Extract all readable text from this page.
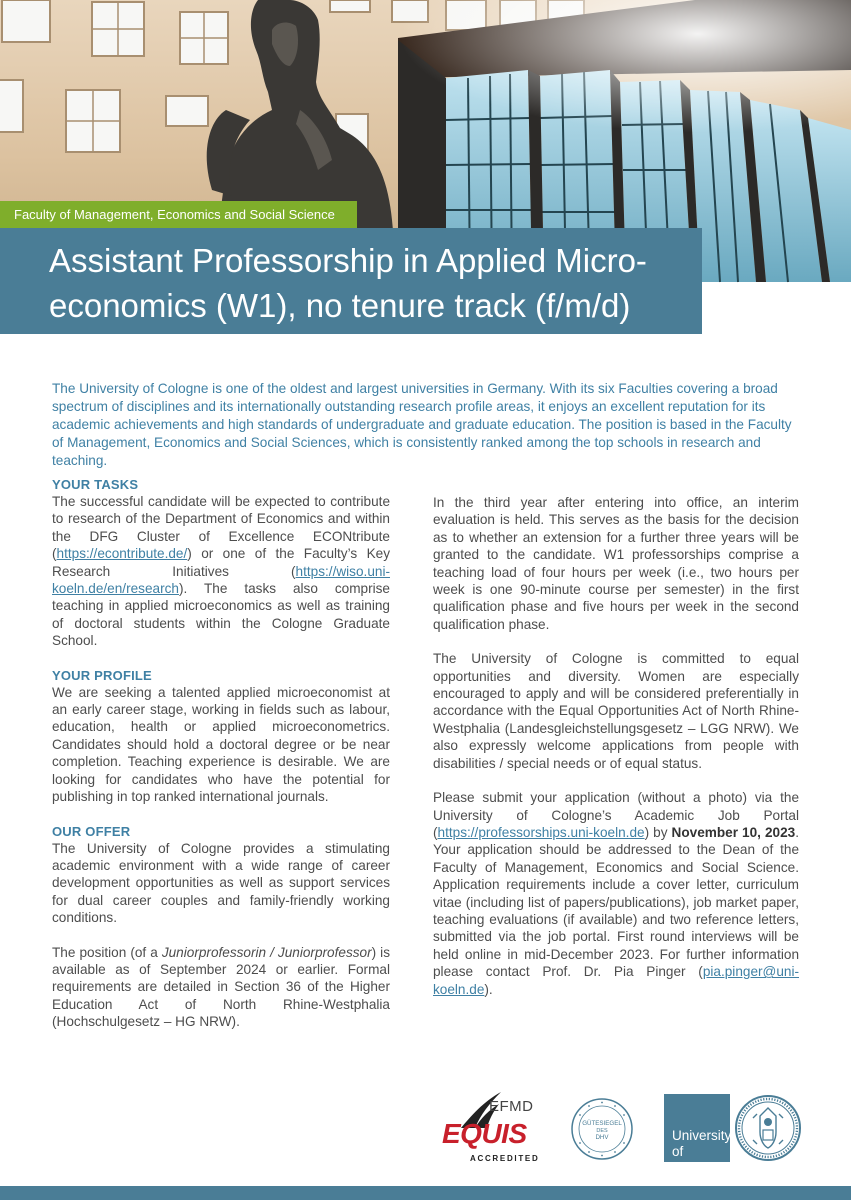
Faculty of Management, Economics and Social Science
Assistant Professorship in Applied Micro-
economics (W1), no tenure track (f/m/d)

The University of Cologne is one of the oldest and largest universities in Germany. With its six Faculties covering a broad spectrum of disciplines and its internationally outstanding research profile areas, it enjoys an excellent reputation for its academic achievements and high standards of undergraduate and graduate education. The position is based in the Faculty of Management, Economics and Social Sciences, which is consistently ranked among the top schools in research and teaching.

YOUR TASKS

The successful candidate will be expected to contribute to research of the Department of Economics and within the DFG Cluster of Excellence ECONtribute (https://econtribute.de/) or one of the Faculty’s Key Research Initiatives (https://wiso.uni-koeln.de/en/research). The tasks also comprise teaching in applied microeconomics as well as training of doctoral students within the Cologne Graduate School.

YOUR PROFILE

We are seeking a talented applied microeconomist at an early career stage, working in fields such as labour, education, health or applied microeconometrics. Candidates should hold a doctoral degree or be near completion. Teaching experience is desirable. We are looking for candidates who have the potential for publishing in top ranked international journals.

OUR OFFER

The University of Cologne provides a stimulating academic environment with a wide range of career development opportunities as well as support services for dual career couples and family-friendly working conditions.

The position (of a Juniorprofessorin / Juniorprofessor) is available as of September 2024 or earlier. Formal requirements are detailed in Section 36 of the Higher Education Act of North Rhine-Westphalia (Hochschulgesetz – HG NRW).

In the third year after entering into office, an interim evaluation is held. This serves as the basis for the decision as to whether an extension for a further three years will be granted to the candidate. W1 professorships comprise a teaching load of four hours per week (i.e., two hours per week is one 90-minute course per semester) in the first qualification phase and five hours per week in the second qualification phase.

The University of Cologne is committed to equal opportunities and diversity. Women are especially encouraged to apply and will be considered preferentially in accordance with the Equal Opportunities Act of North Rhine-Westphalia (Landesgleichstellungsgesetz – LGG NRW). We also expressly welcome applications from people with disabilities / special needs or of equal status.

Please submit your application (without a photo) via the University of Cologne’s Academic Job Portal (https://professorships.uni-koeln.de) by November 10, 2023. Your application should be addressed to the Dean of the Faculty of Management, Economics and Social Science. Application requirements include a cover letter, curriculum vitae (including list of papers/publications), job market paper, teaching evaluations (if available) and two reference letters, submitted via the job portal. First round interviews will be held online in mid-December 2023. For further information please contact Prof. Dr. Pia Pinger (pia.pinger@uni-koeln.de).

EFMD
EQUIS
ACCREDITED
GÜTESIEGEL
DES
DHV	University
of Cologne
